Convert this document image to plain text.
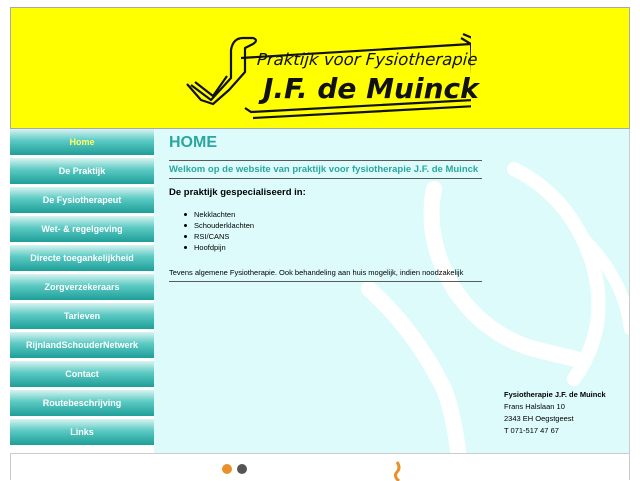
Praktijk voor Fysiotherapie
J.F. de Muinck
Home
De Praktijk
De Fysiotherapeut
Wet- & regelgeving
Directe toegankelijkheid
Zorgverzekeraars
Tarieven
RijnlandSchouderNetwerk
Contact
Routebeschrijving
Links
HOME
Welkom op de website van praktijk voor fysiotherapie J.F. de Muinck
De praktijk gespecialiseerd in:
Nekklachten
Schouderklachten
RSI/CANS
Hoofdpijn
Tevens algemene Fysiotherapie. Ook behandeling aan huis mogelijk, indien noodzakelijk
Fysiotherapie J.F. de Muinck
Frans Halslaan 10
2343 EH Oegstgeest
T 071-517 47 67
